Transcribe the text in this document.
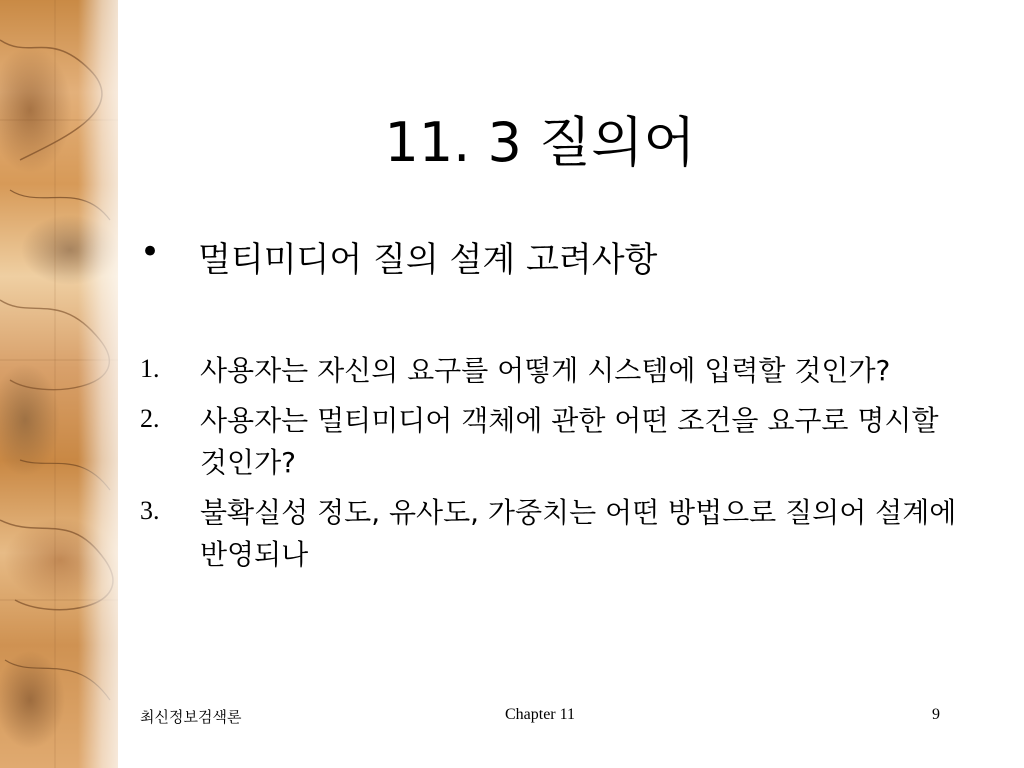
11. 3 질의어
•	멀티미디어 질의 설계 고려사항
1.	사용자는 자신의 요구를 어떻게 시스템에 입력할 것인가?
2.	사용자는 멀티미디어 객체에 관한 어떤 조건을 요구로 명시할 것인가?
3.	불확실성 정도, 유사도, 가중치는 어떤 방법으로 질의어 설계에 반영되나
최신정보검색론	Chapter 11	9
